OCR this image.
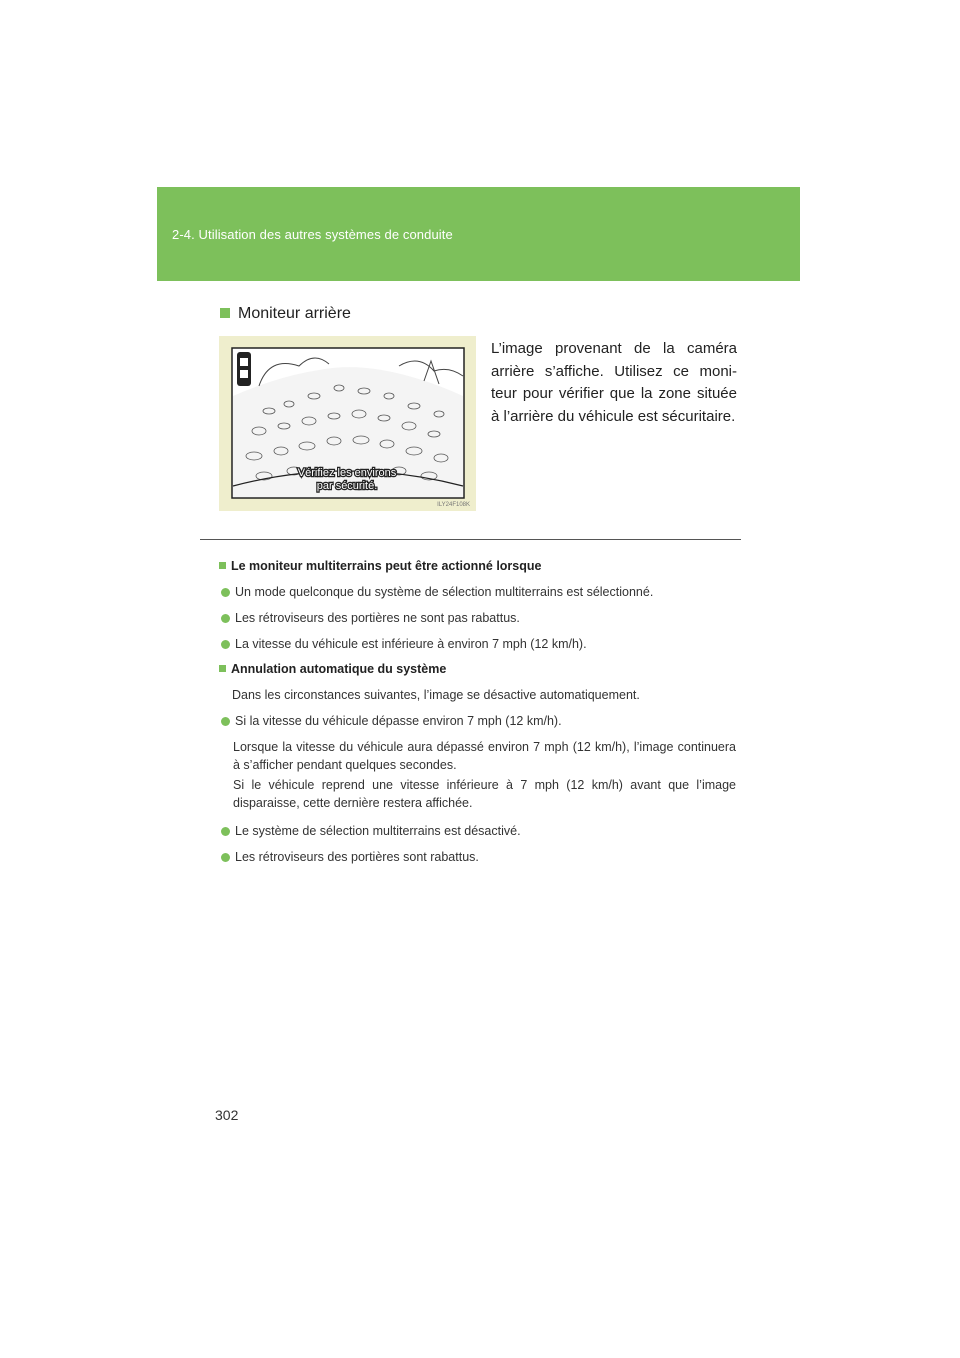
2-4. Utilisation des autres systèmes de conduite
Moniteur arrière
Vérifiez les environs
par sécurité.
ILY24F108K
L’image provenant de la caméra arrière s’affiche. Utilisez ce moni-teur pour vérifier que la zone située à l’arrière du véhicule est sécuritaire.
Le moniteur multiterrains peut être actionné lorsque
Un mode quelconque du système de sélection multiterrains est sélectionné.
Les rétroviseurs des portières ne sont pas rabattus.
La vitesse du véhicule est inférieure à environ 7 mph (12 km/h).
Annulation automatique du système
Dans les circonstances suivantes, l’image se désactive automatiquement.
Si la vitesse du véhicule dépasse environ 7 mph (12 km/h).
Lorsque la vitesse du véhicule aura dépassé environ 7 mph (12 km/h), l’image continuera à s’afficher pendant quelques secondes.
Si le véhicule reprend une vitesse inférieure à 7 mph (12 km/h) avant que l’image disparaisse, cette dernière restera affichée.
Le système de sélection multiterrains est désactivé.
Les rétroviseurs des portières sont rabattus.
302
